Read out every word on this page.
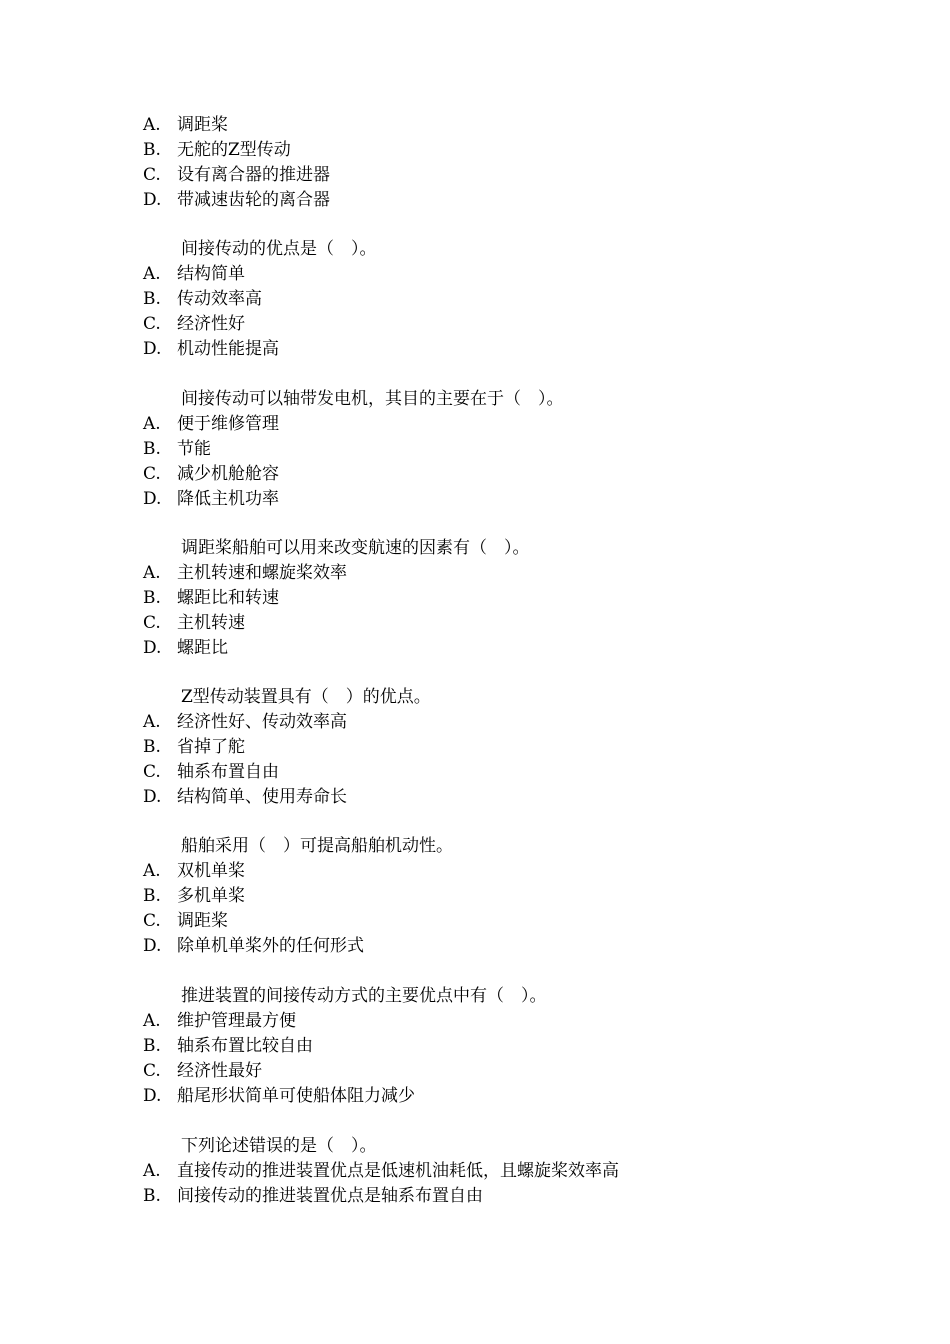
A. 调距桨
B. 无舵的Z型传动
C. 设有离合器的推进器
D. 带减速齿轮的离合器
间接传动的优点是（　）。
A. 结构简单
B. 传动效率高
C. 经济性好
D. 机动性能提高
间接传动可以轴带发电机，其目的主要在于（　）。
A. 便于维修管理
B. 节能
C. 减少机舱舱容
D. 降低主机功率
调距桨船舶可以用来改变航速的因素有（　）。
A. 主机转速和螺旋桨效率
B. 螺距比和转速
C. 主机转速
D. 螺距比
Z型传动装置具有（　）的优点。
A. 经济性好、传动效率高
B. 省掉了舵
C. 轴系布置自由
D. 结构简单、使用寿命长
船舶采用（　）可提高船舶机动性。
A. 双机单桨
B. 多机单桨
C. 调距桨
D. 除单机单桨外的任何形式
推进装置的间接传动方式的主要优点中有（　）。
A. 维护管理最方便
B. 轴系布置比较自由
C. 经济性最好
D. 船尾形状简单可使船体阻力减少
下列论述错误的是（　）。
A. 直接传动的推进装置优点是低速机油耗低，且螺旋桨效率高
B. 间接传动的推进装置优点是轴系布置自由
